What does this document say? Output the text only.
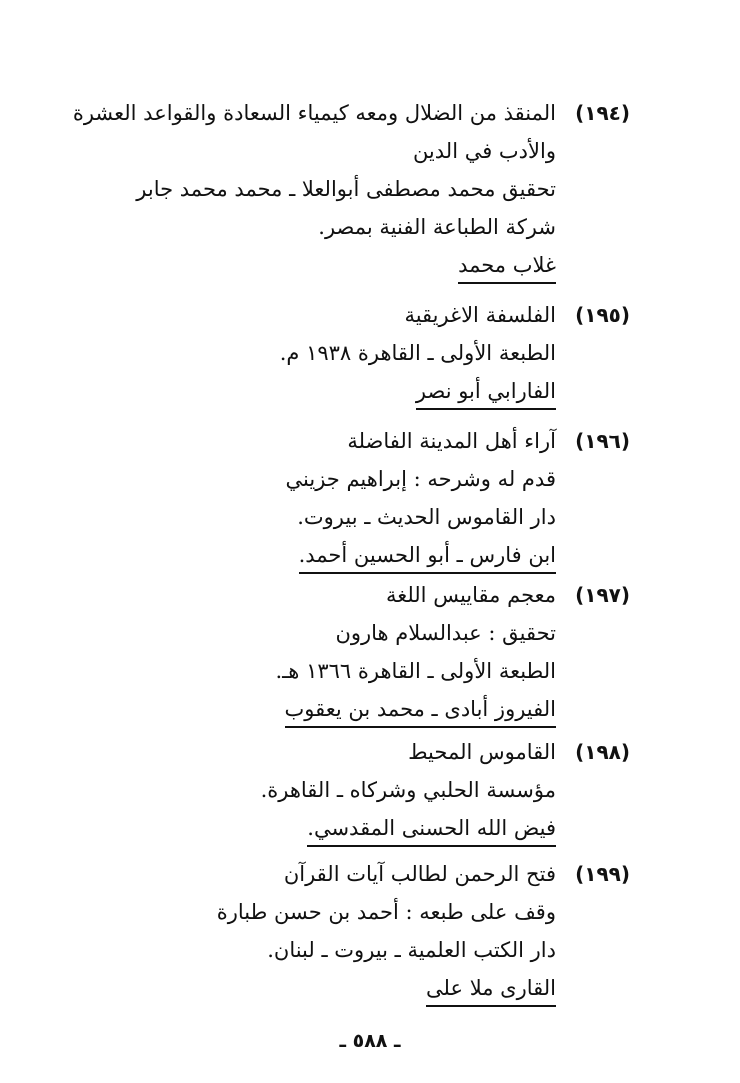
(١٩٤)
المنقذ من الضلال ومعه كيمياء السعادة والقواعد العشرة
والأدب في الدين
تحقيق محمد مصطفى أبوالعلا ـ محمد محمد جابر
شركة الطباعة الفنية بمصر.
غلاب محمد
(١٩٥)
الفلسفة الاغريقية
الطبعة الأولى ـ القاهرة ١٩٣٨ م.
الفارابي أبو نصر
(١٩٦)
آراء أهل المدينة الفاضلة
قدم له وشرحه : إبراهيم جزيني
دار القاموس الحديث ـ بيروت.
ابن فارس ـ أبو الحسين أحمد.
(١٩٧)
معجم مقاييس اللغة
تحقيق : عبدالسلام هارون
الطبعة الأولى ـ القاهرة ١٣٦٦ هـ.
الفيروز أبادى ـ محمد بن يعقوب
(١٩٨)
القاموس المحيط
مؤسسة الحلبي وشركاه ـ القاهرة.
فيض الله الحسنى المقدسي.
(١٩٩)
فتح الرحمن لطالب آيات القرآن
وقف على طبعه : أحمد بن حسن طبارة
دار الكتب العلمية ـ بيروت ـ لبنان.
القارى ملا على
ـ ٥٨٨ ـ
